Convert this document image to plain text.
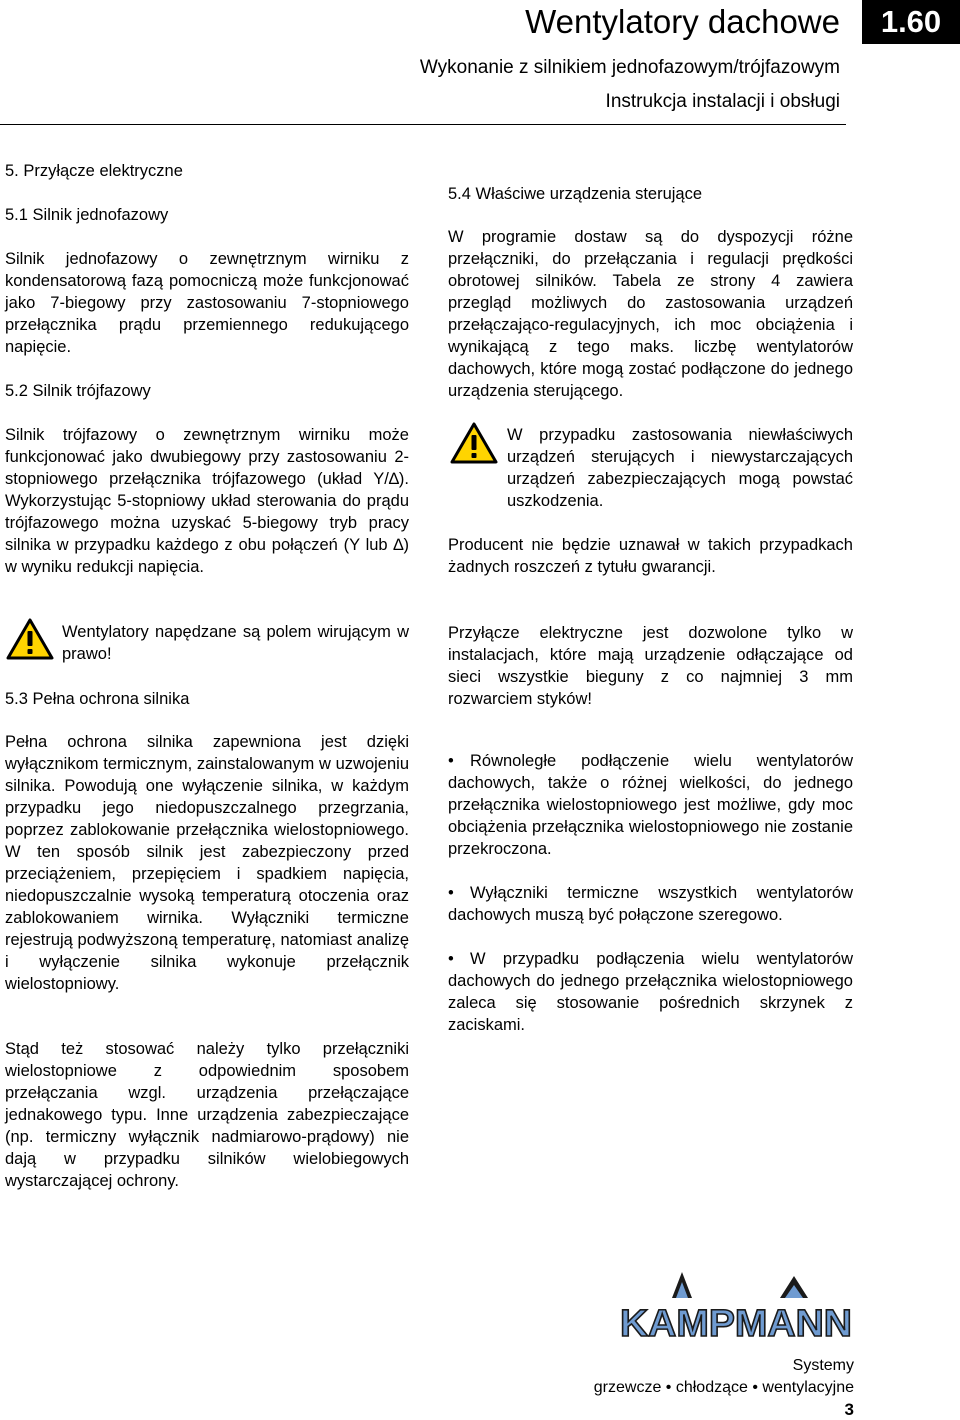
Wentylatory dachowe	1.60
Wykonanie z silnikiem jednofazowym/trójfazowym
Instrukcja instalacji i obsługi
5. Przyłącze elektryczne
5.1 Silnik jednofazowy

Silnik jednofazowy o zewnętrznym wirniku z kondensatorową fazą pomocniczą może funkcjonować jako 7-biegowy przy zastosowaniu 7-stopniowego przełącznika prądu przemiennego redukującego napięcie.

5.2 Silnik trójfazowy

Silnik trójfazowy o zewnętrznym wirniku może funkcjonować jako dwubiegowy przy zastosowaniu 2-stopniowego przełącznika trójfazowego (układ Y/∆). Wykorzystując 5-stopniowy układ sterowania do prądu trójfazowego można uzyskać 5-biegowy tryb pracy silnika w przypadku każdego z obu połączeń (Y lub ∆) w wyniku redukcji napięcia.

Wentylatory napędzane są polem wirującym w prawo!
5.3 Pełna ochrona silnika

Pełna ochrona silnika zapewniona jest dzięki wyłącznikom termicznym, zainstalowanym w uzwojeniu silnika. Powodują one wyłączenie silnika, w każdym przypadku jego niedopuszczalnego przegrzania, poprzez zablokowanie przełącznika wielostopniowego. W ten sposób silnik jest zabezpieczony przed przeciążeniem, przepięciem i spadkiem napięcia, niedopuszczalnie wysoką temperaturą otoczenia oraz zablokowaniem wirnika. Wyłączniki termiczne rejestrują podwyższoną temperaturę, natomiast analizę i wyłączenie silnika wykonuje przełącznik wielostopniowy.

Stąd też stosować należy tylko przełączniki wielostopniowe z odpowiednim sposobem przełączania wzgl. urządzenia przełączające jednakowego typu. Inne urządzenia zabezpieczające (np. termiczny wyłącznik nadmiarowo-prądowy) nie dają w przypadku silników wielobiegowych wystarczającej ochrony.

5.4 Właściwe urządzenia sterujące

W programie dostaw są do dyspozycji różne przełączniki, do przełączania i regulacji prędkości obrotowej silników. Tabela ze strony 4 zawiera przegląd możliwych do zastosowania urządzeń przełączająco-regulacyjnych, ich moc obciążenia i wynikającą z tego maks. liczbę wentylatorów dachowych, które mogą zostać podłączone do jednego urządzenia sterującego.

W przypadku zastosowania niewłaściwych urządzeń sterujących i niewystarczających urządzeń zabezpieczających mogą powstać uszkodzenia.

Producent nie będzie uznawał w takich przypadkach żadnych roszczeń z tytułu gwarancji.

Przyłącze elektryczne jest dozwolone tylko w instalacjach, które mają urządzenie odłączające od sieci wszystkie bieguny z co najmniej 3 mm rozwarciem styków!

• Równoległe podłączenie wielu wentylatorów dachowych, także o różnej wielkości, do jednego przełącznika wielostopniowego jest możliwe, gdy moc obciążenia przełącznika wielostopniowego nie zostanie przekroczona.
• Wyłączniki termiczne wszystkich wentylatorów dachowych muszą być połączone szeregowo.
• W przypadku podłączenia wielu wentylatorów dachowych do jednego przełącznika wielostopniowego zaleca się stosowanie pośrednich skrzynek z zaciskami.
KAMPMANN
Systemy
grzewcze • chłodzące • wentylacyjne
3
